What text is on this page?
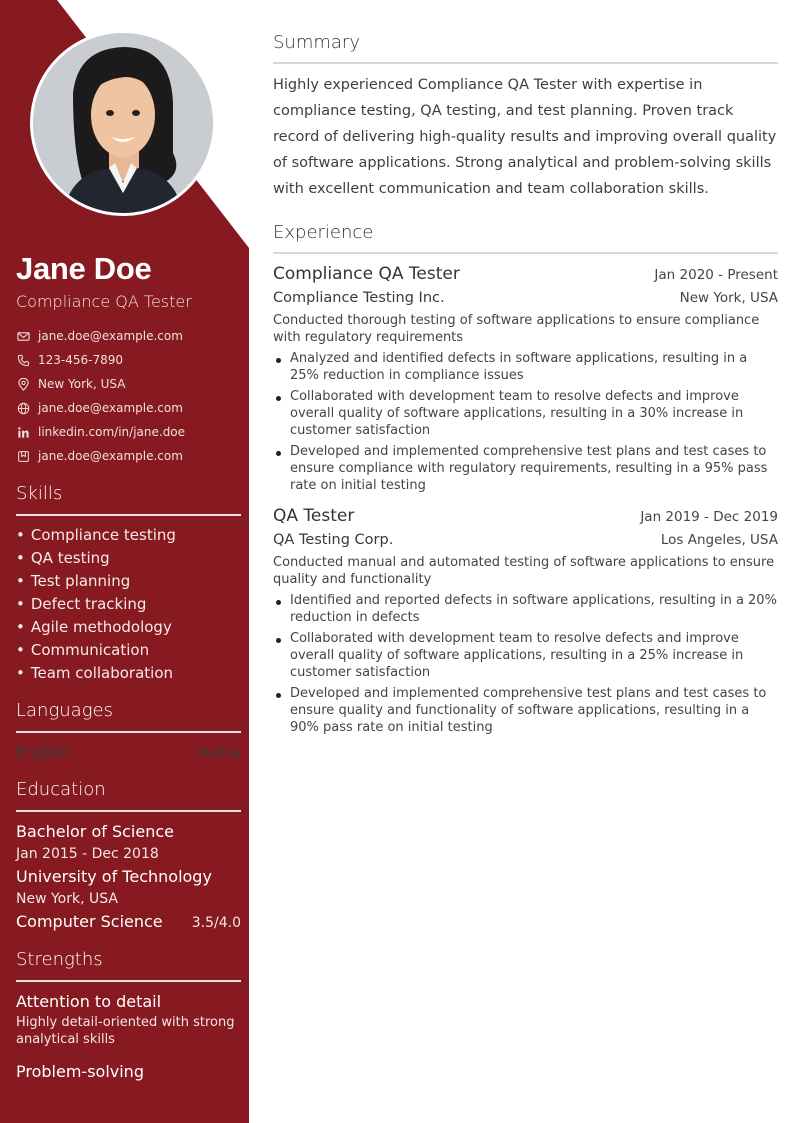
Jane Doe
Compliance QA Tester
jane.doe@example.com
123-456-7890
New York, USA
jane.doe@example.com
linkedin.com/in/jane.doe
jane.doe@example.com
Skills
• Compliance testing
• QA testing
• Test planning
• Defect tracking
• Agile methodology
• Communication
• Team collaboration
Languages
English	Native
Education
Bachelor of Science
Jan 2015 - Dec 2018
University of Technology
New York, USA
Computer Science 3.5/4.0
Strengths
Attention to detail
Highly detail-oriented with strong analytical skills
Problem-solving
Summary

Highly experienced Compliance QA Tester with expertise in compliance testing, QA testing, and test planning. Proven track record of delivering high-quality results and improving overall quality of software applications. Strong analytical and problem-solving skills with excellent communication and team collaboration skills.

Experience
Compliance QA Tester	Jan 2020 - Present
Compliance Testing Inc.	New York, USA
Conducted thorough testing of software applications to ensure compliance with regulatory requirements
Analyzed and identified defects in software applications, resulting in a 25% reduction in compliance issues
Collaborated with development team to resolve defects and improve overall quality of software applications, resulting in a 30% increase in customer satisfaction
Developed and implemented comprehensive test plans and test cases to ensure compliance with regulatory requirements, resulting in a 95% pass rate on initial testing
QA Tester	Jan 2019 - Dec 2019
QA Testing Corp.	Los Angeles, USA
Conducted manual and automated testing of software applications to ensure quality and functionality
Identified and reported defects in software applications, resulting in a 20% reduction in defects
Collaborated with development team to resolve defects and improve overall quality of software applications, resulting in a 25% increase in customer satisfaction
Developed and implemented comprehensive test plans and test cases to ensure quality and functionality of software applications, resulting in a 90% pass rate on initial testing
